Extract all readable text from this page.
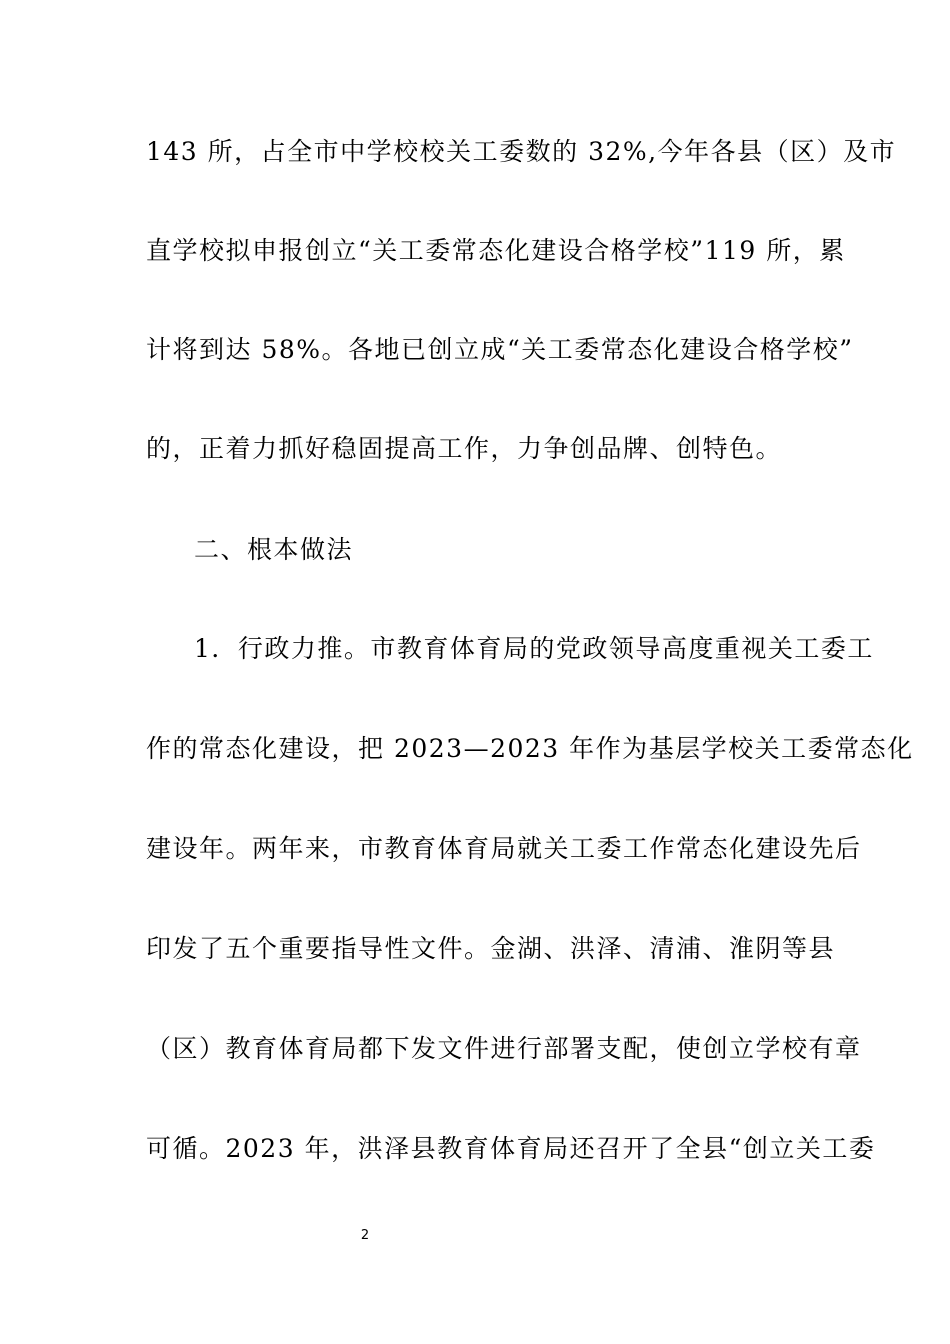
143 所，占全市中学校校关工委数的 32%,今年各县（区）及市
直学校拟申报创立“关工委常态化建设合格学校”119 所，累
计将到达 58%。各地已创立成“关工委常态化建设合格学校”
的，正着力抓好稳固提高工作，力争创品牌、创特色。
二、根本做法
1．行政力推。市教育体育局的党政领导高度重视关工委工
作的常态化建设，把 2023—2023 年作为基层学校关工委常态化
建设年。两年来，市教育体育局就关工委工作常态化建设先后
印发了五个重要指导性文件。金湖、洪泽、清浦、淮阴等县
（区）教育体育局都下发文件进行部署支配，使创立学校有章
可循。2023 年，洪泽县教育体育局还召开了全县“创立关工委
2
